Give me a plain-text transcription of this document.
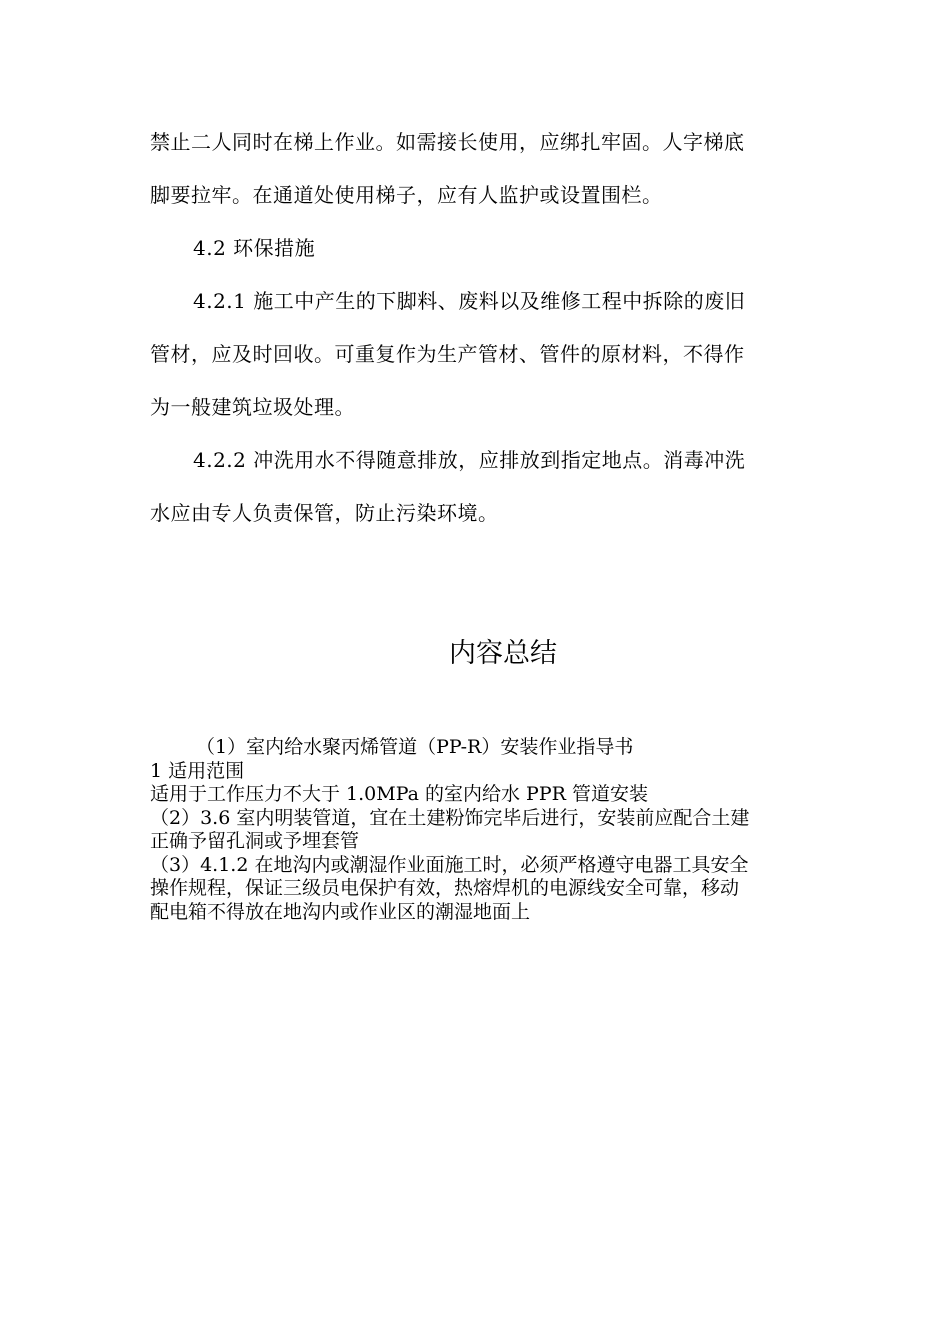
禁止二人同时在梯上作业。如需接长使用，应绑扎牢固。人字梯底
脚要拉牢。在通道处使用梯子，应有人监护或设置围栏。

4.2 环保措施

4.2.1 施工中产生的下脚料、废料以及维修工程中拆除的废旧
管材，应及时回收。可重复作为生产管材、管件的原材料，不得作
为一般建筑垃圾处理。

4.2.2 冲洗用水不得随意排放，应排放到指定地点。消毒冲洗
水应由专人负责保管，防止污染环境。

内容总结
（1）室内给水聚丙烯管道（PP-R）安装作业指导书
1 适用范围
适用于工作压力不大于 1.0MPa 的室内给水 PPR 管道安装
（2）3.6 室内明装管道，宜在土建粉饰完毕后进行，安装前应配合土建
正确予留孔洞或予埋套管
（3）4.1.2 在地沟内或潮湿作业面施工时，必须严格遵守电器工具安全
操作规程，保证三级员电保护有效，热熔焊机的电源线安全可靠，移动
配电箱不得放在地沟内或作业区的潮湿地面上
